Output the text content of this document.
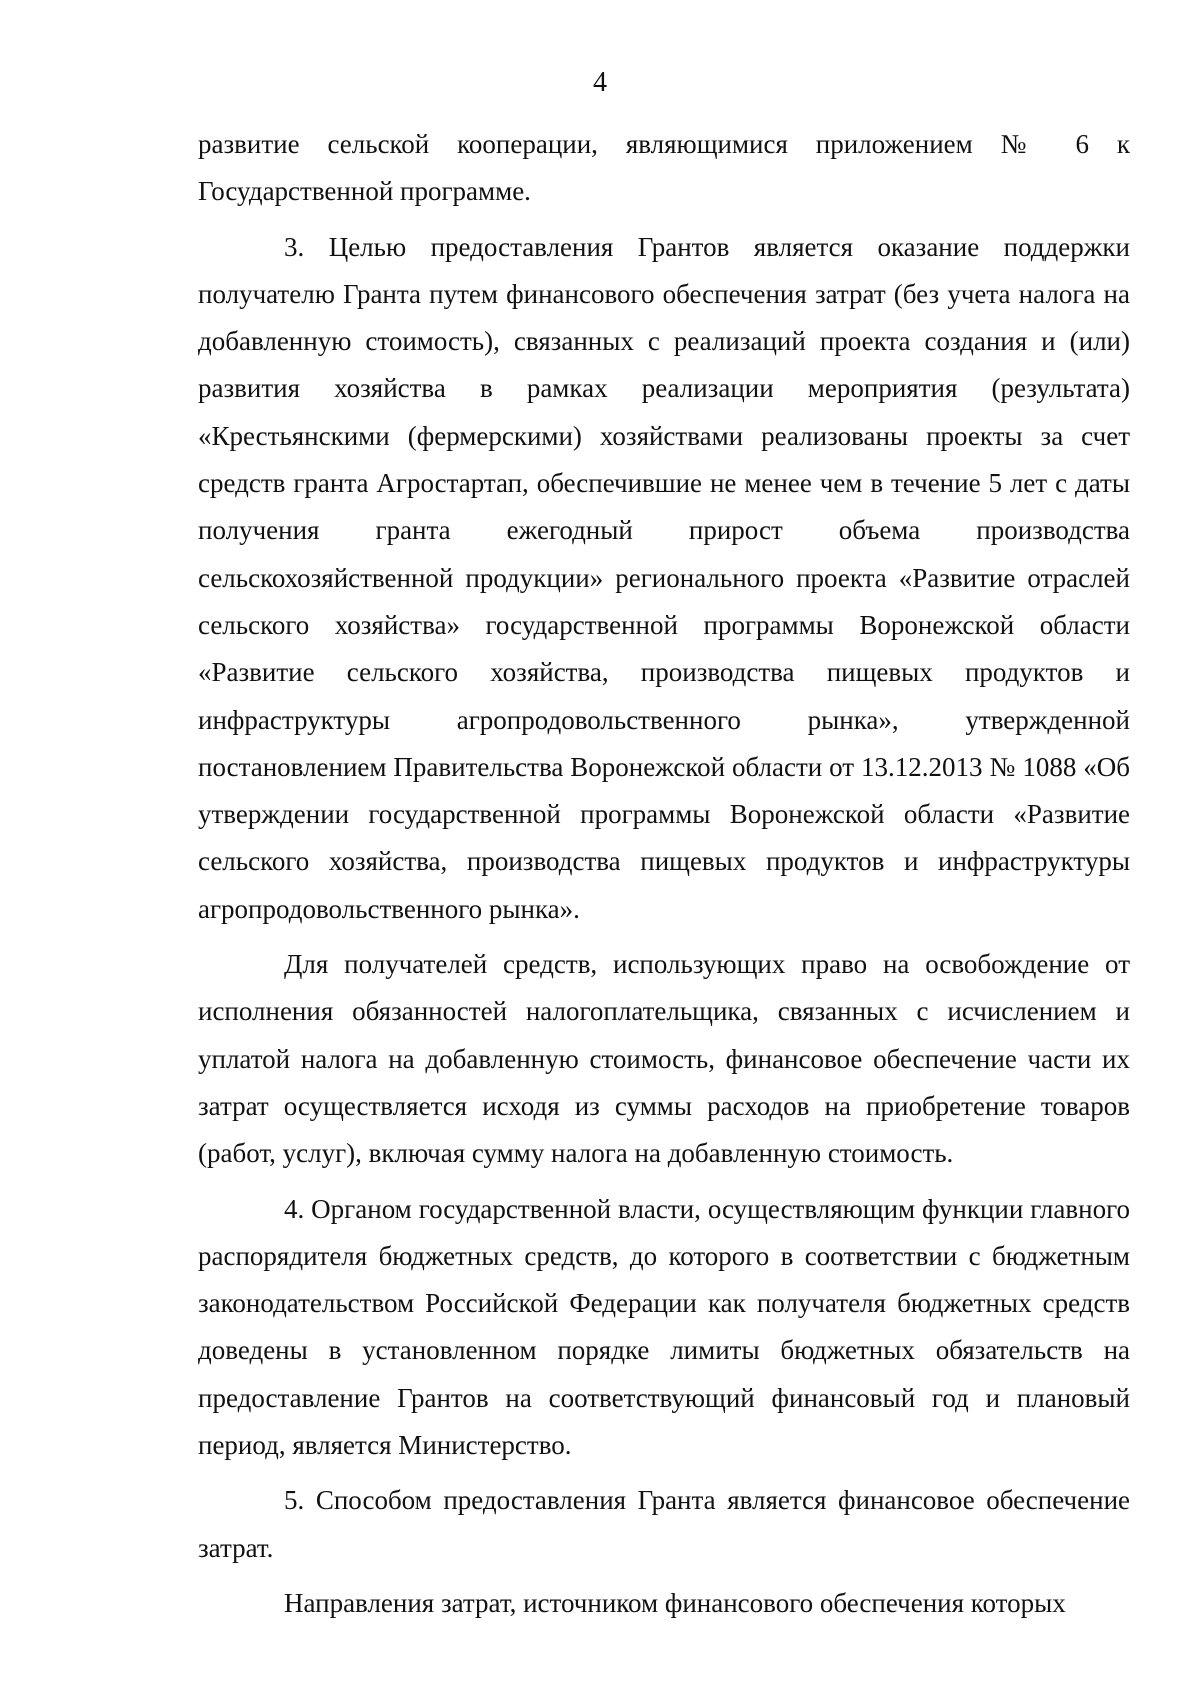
4

развитие сельской кооперации, являющимися приложением № 6 к Государственной программе.

3. Целью предоставления Грантов является оказание поддержки получателю Гранта путем финансового обеспечения затрат (без учета налога на добавленную стоимость), связанных с реализаций проекта создания и (или) развития хозяйства в рамках реализации мероприятия (результата) «Крестьянскими (фермерскими) хозяйствами реализованы проекты за счет средств гранта Агростартап, обеспечившие не менее чем в течение 5 лет с даты получения гранта ежегодный прирост объема производства сельскохозяйственной продукции» регионального проекта «Развитие отраслей сельского хозяйства» государственной программы Воронежской области «Развитие сельского хозяйства, производства пищевых продуктов и инфраструктуры агропродовольственного рынка», утвержденной постановлением Правительства Воронежской области от 13.12.2013 № 1088 «Об утверждении государственной программы Воронежской области «Развитие сельского хозяйства, производства пищевых продуктов и инфраструктуры агропродовольственного рынка».

Для получателей средств, использующих право на освобождение от исполнения обязанностей налогоплательщика, связанных с исчислением и уплатой налога на добавленную стоимость, финансовое обеспечение части их затрат осуществляется исходя из суммы расходов на приобретение товаров (работ, услуг), включая сумму налога на добавленную стоимость.

4. Органом государственной власти, осуществляющим функции главного распорядителя бюджетных средств, до которого в соответствии с бюджетным законодательством Российской Федерации как получателя бюджетных средств доведены в установленном порядке лимиты бюджетных обязательств на предоставление Грантов на соответствующий финансовый год и плановый период, является Министерство.

5. Способом предоставления Гранта является финансовое обеспечение затрат.

Направления затрат, источником финансового обеспечения которых
